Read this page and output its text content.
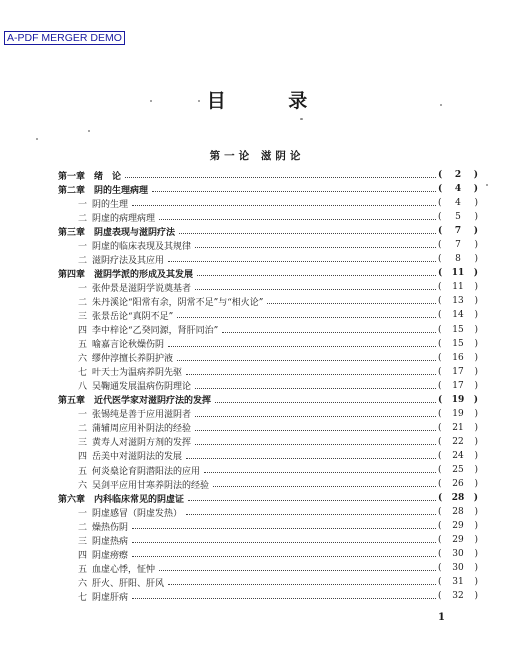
A-PDF MERGER DEMO
目 录
第一论 滋阴论
第一章 绪　论	( 2 )
第二章 阴的生理病理	( 4 )
一 阴的生理	( 4 )
二 阴虚的病理病理	( 5 )
第三章 阴虚表现与滋阴疗法	( 7 )
一 阴虚的临床表现及其规律	( 7 )
二 滋阴疗法及其应用	( 8 )
第四章 滋阴学派的形成及其发展	( 11 )
一 张仲景是滋阴学说奠基者	( 11 )
二 朱丹溪论“阳常有余，阴常不足”与“相火论”	( 13 )
三 张景岳论“真阴不足”	( 14 )
四 李中梓论“乙癸同源，肾肝同治”	( 15 )
五 喻嘉言论秋燥伤阴	( 15 )
六 缪仲淳擅长养阴护液	( 16 )
七 叶天士为温病养阴先驱	( 17 )
八 吴鞠通发展温病伤阴理论	( 17 )
第五章 近代医学家对滋阴疗法的发挥	( 19 )
一 张锡纯是善于应用滋阴者	( 19 )
二 蒲辅周应用补阴法的经验	( 21 )
三 黄寿人对滋阴方剂的发挥	( 22 )
四 岳美中对滋阴法的发展	( 24 )
五 何炎燊论育阴潜阳法的应用	( 25 )
六 吴剑平应用甘寒养阴法的经验	( 26 )
第六章 内科临床常见的阴虚证	( 28 )
一 阴虚感冒（阴虚发热）	( 28 )
二 燥热伤阴	( 29 )
三 阴虚热病	( 29 )
四 阴虚痨瘵	( 30 )
五 血虚心悸，怔忡	( 30 )
六 肝火、肝阳、肝风	( 31 )
七 阴虚肝病	( 32 )
1
